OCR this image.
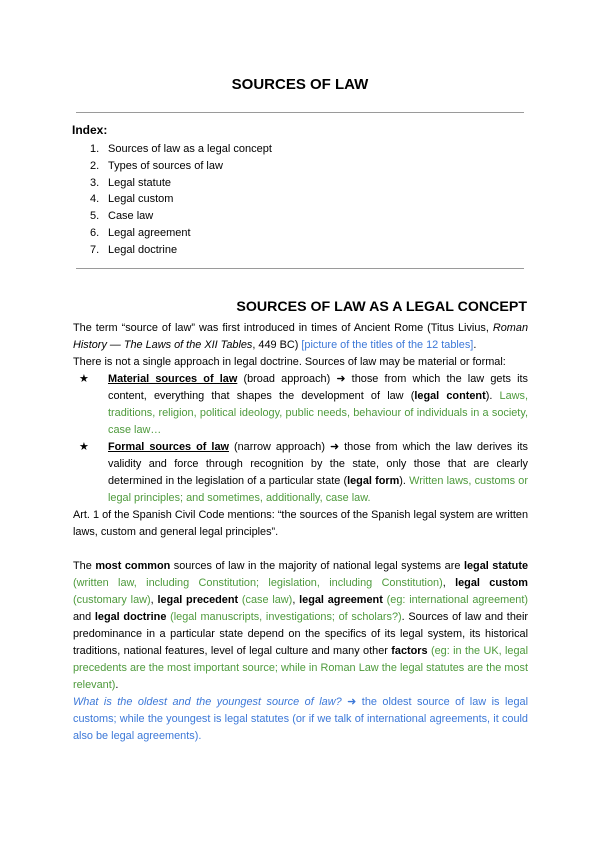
SOURCES OF LAW
Index:
1. Sources of law as a legal concept
2. Types of sources of law
3. Legal statute
4. Legal custom
5. Case law
6. Legal agreement
7. Legal doctrine
SOURCES OF LAW AS A LEGAL CONCEPT
The term “source of law” was first introduced in times of Ancient Rome (Titus Livius, Roman History — The Laws of the XII Tables, 449 BC) [picture of the titles of the 12 tables].
There is not a single approach in legal doctrine. Sources of law may be material or formal:
★ Material sources of law (broad approach) ➜ those from which the law gets its content, everything that shapes the development of law (legal content). Laws, traditions, religion, political ideology, public needs, behaviour of individuals in a society, case law…
★ Formal sources of law (narrow approach) ➜ those from which the law derives its validity and force through recognition by the state, only those that are clearly determined in the legislation of a particular state (legal form). Written laws, customs or legal principles; and sometimes, additionally, case law.
Art. 1 of the Spanish Civil Code mentions: “the sources of the Spanish legal system are written laws, custom and general legal principles”.
The most common sources of law in the majority of national legal systems are legal statute (written law, including Constitution; legislation, including Constitution), legal custom (customary law), legal precedent (case law), legal agreement (eg: international agreement) and legal doctrine (legal manuscripts, investigations; of scholars?). Sources of law and their predominance in a particular state depend on the specifics of its legal system, its historical traditions, national features, level of legal culture and many other factors (eg: in the UK, legal precedents are the most important source; while in Roman Law the legal statutes are the most relevant).
What is the oldest and the youngest source of law? ➜ the oldest source of law is legal customs; while the youngest is legal statutes (or if we talk of international agreements, it could also be legal agreements).
